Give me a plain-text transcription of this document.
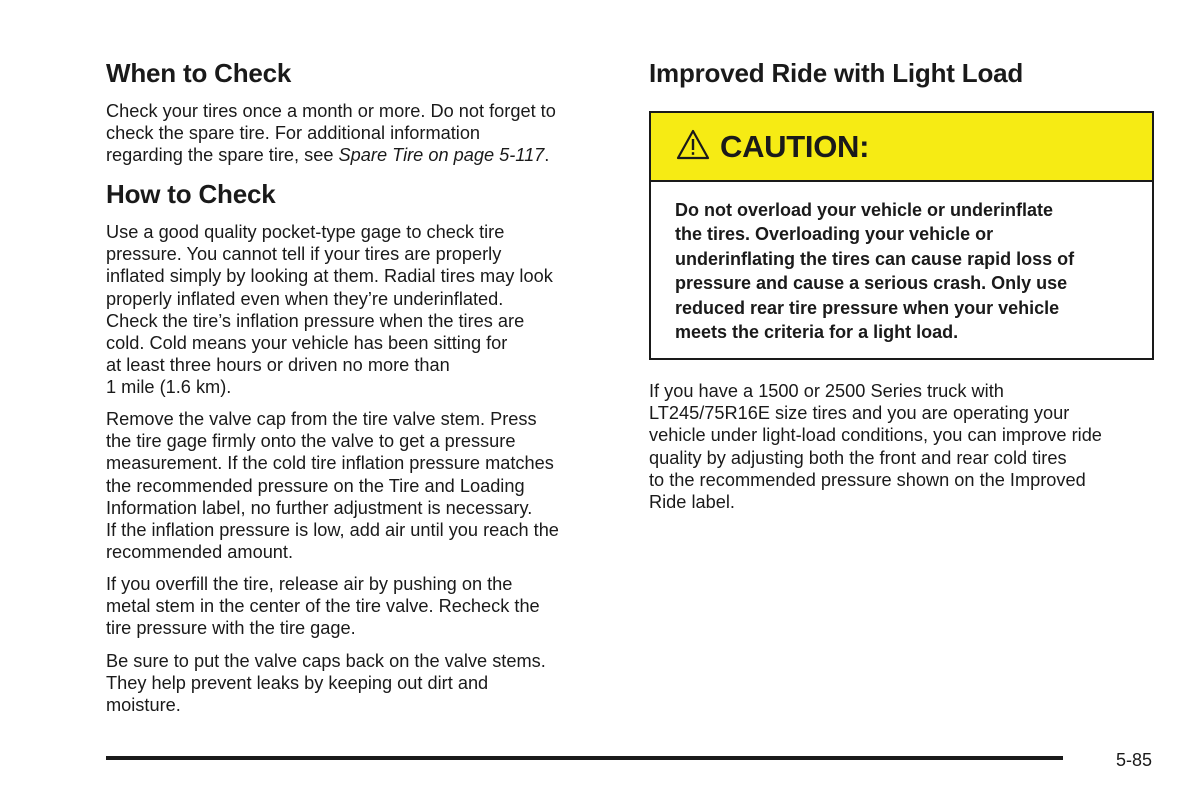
When to Check

Check your tires once a month or more. Do not forget to
check the spare tire. For additional information
regarding the spare tire, see Spare Tire on page 5-117.

How to Check

Use a good quality pocket-type gage to check tire
pressure. You cannot tell if your tires are properly
inflated simply by looking at them. Radial tires may look
properly inflated even when they’re underinflated.
Check the tire’s inflation pressure when the tires are
cold. Cold means your vehicle has been sitting for
at least three hours or driven no more than
1 mile (1.6 km).

Remove the valve cap from the tire valve stem. Press
the tire gage firmly onto the valve to get a pressure
measurement. If the cold tire inflation pressure matches
the recommended pressure on the Tire and Loading
Information label, no further adjustment is necessary.
If the inflation pressure is low, add air until you reach the
recommended amount.

If you overfill the tire, release air by pushing on the
metal stem in the center of the tire valve. Recheck the
tire pressure with the tire gage.

Be sure to put the valve caps back on the valve stems.
They help prevent leaks by keeping out dirt and
moisture.

Improved Ride with Light Load

If you have a 1500 or 2500 Series truck with
LT245/75R16E size tires and you are operating your
vehicle under light-load conditions, you can improve ride
quality by adjusting both the front and rear cold tires
to the recommended pressure shown on the Improved
Ride label.

CAUTION:

Do not overload your vehicle or underinflate
the tires. Overloading your vehicle or
underinflating the tires can cause rapid loss of
pressure and cause a serious crash. Only use
reduced rear tire pressure when your vehicle
meets the criteria for a light load.

5-85
